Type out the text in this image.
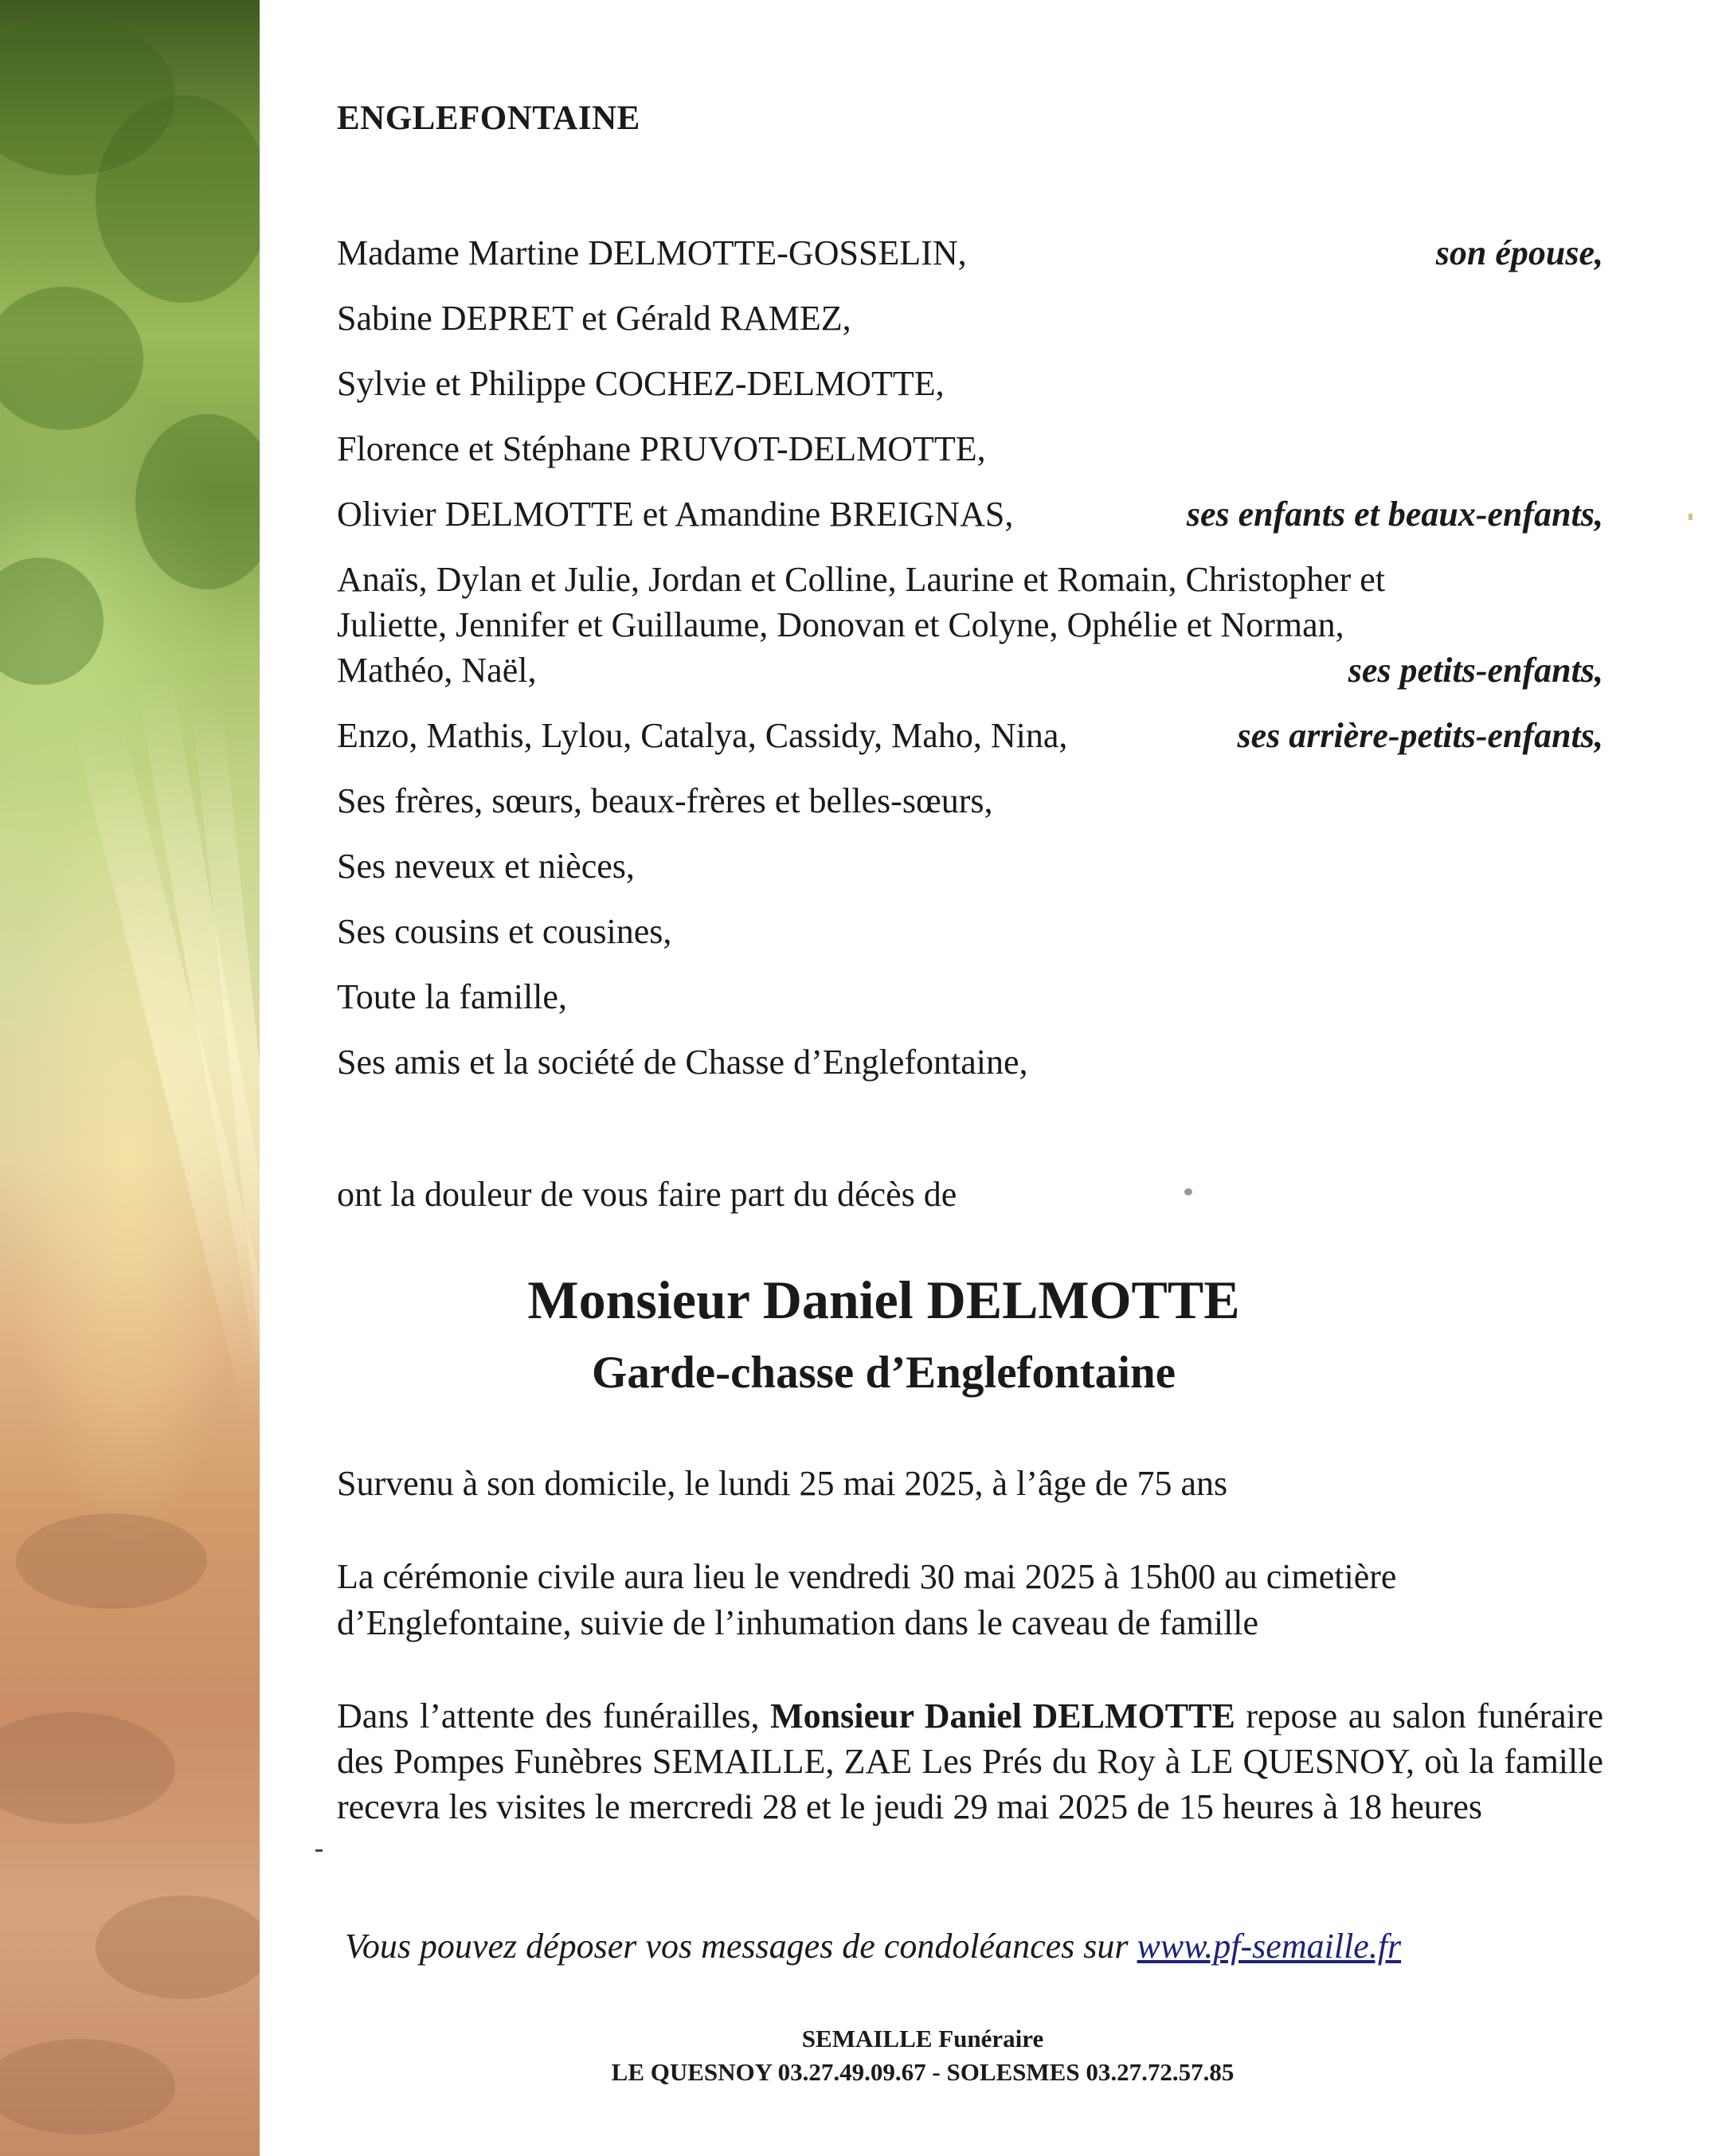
ENGLEFONTAINE
Madame Martine DELMOTTE-GOSSELIN,	son épouse,
Sabine DEPRET et Gérald RAMEZ,
Sylvie et Philippe COCHEZ-DELMOTTE,
Florence et Stéphane PRUVOT-DELMOTTE,
Olivier DELMOTTE et Amandine BREIGNAS,	ses enfants et beaux-enfants,
Anaïs, Dylan et Julie, Jordan et Colline, Laurine et Romain, Christopher et
Juliette, Jennifer et Guillaume, Donovan et Colyne, Ophélie et Norman,
Mathéo, Naël,	ses petits-enfants,
Enzo, Mathis, Lylou, Catalya, Cassidy, Maho, Nina,	ses arrière-petits-enfants,
Ses frères, sœurs, beaux-frères et belles-sœurs,
Ses neveux et nièces,
Ses cousins et cousines,
Toute la famille,
Ses amis et la société de Chasse d’Englefontaine,
ont la douleur de vous faire part du décès de
Monsieur Daniel DELMOTTE
Garde-chasse d’Englefontaine
Survenu à son domicile, le lundi 25 mai 2025, à l’âge de 75 ans
La cérémonie civile aura lieu le vendredi 30 mai 2025 à 15h00 au cimetière
d’Englefontaine, suivie de l’inhumation dans le caveau de famille
Dans l’attente des funérailles, Monsieur Daniel DELMOTTE repose au salon funéraire des Pompes Funèbres SEMAILLE, ZAE Les Prés du Roy à LE QUESNOY, où la famille recevra les visites le mercredi 28 et le jeudi 29 mai 2025 de 15 heures à 18 heures
Vous pouvez déposer vos messages de condoléances sur www.pf-semaille.fr
SEMAILLE Funéraire
LE QUESNOY 03.27.49.09.67 - SOLESMES 03.27.72.57.85
